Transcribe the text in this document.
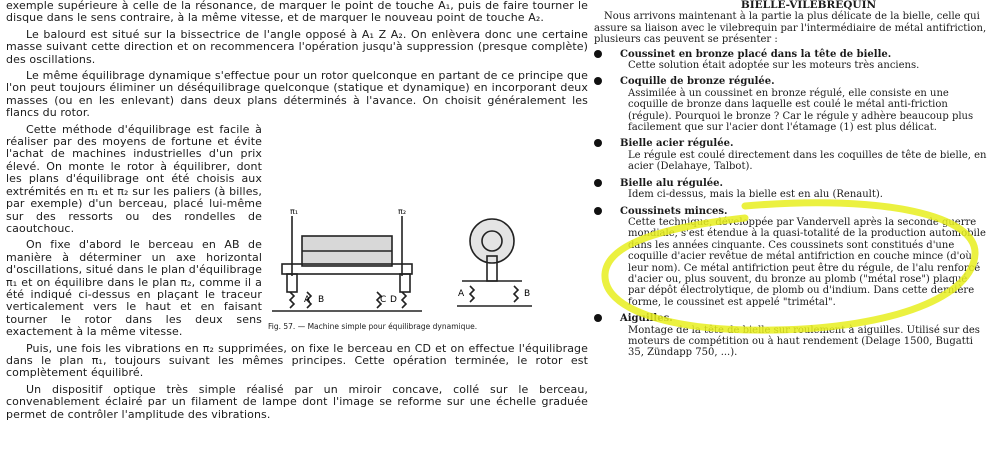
exemple supérieure à celle de la résonance, de marquer le point de touche A₁, puis de faire tourner le disque dans le sens contraire, à la même vitesse, et de marquer le nouveau point de touche A₂.

Le balourd est situé sur la bissectrice de l'angle opposé à A₁ Z A₂. On enlèvera donc une certaine masse suivant cette direction et on recommencera l'opération jusqu'à suppression (presque complète) des oscillations.

Le même équilibrage dynamique s'effectue pour un rotor quelconque en partant de ce principe que l'on peut toujours éliminer un déséquilibrage quelconque (statique et dynamique) en incorporant deux masses (ou en les enlevant) dans deux plans déterminés à l'avance. On choisit généralement les flancs du rotor.

Cette méthode d'équilibrage est facile à réaliser par des moyens de fortune et évite l'achat de machines industrielles d'un prix élevé. On monte le rotor à équilibrer, dont les plans d'équilibrage ont été choisis aux extrémités en π₁ et π₂ sur les paliers (à billes, par exemple) d'un berceau, placé lui-même sur des ressorts ou des rondelles de caoutchouc.

On fixe d'abord le berceau en AB de manière à déterminer un axe horizontal d'oscillations, situé dans le plan d'équilibrage π₁ et on équilibre dans le plan π₂, comme il a été indiqué ci-dessus en plaçant le traceur verticalement vers le haut et en faisant tourner le rotor dans les deux sens exactement à la même vitesse.

Puis, une fois les vibrations en π₂ supprimées, on fixe le berceau en CD et on effectue l'équilibrage dans le plan π₁, toujours suivant les mêmes principes. Cette opération terminée, le rotor est complètement équilibré.

Un dispositif optique très simple réalisé par un miroir concave, collé sur le berceau, convenablement éclairé par un filament de lampe dont l'image se reforme sur une échelle graduée permet de contrôler l'amplitude des vibrations.

π₁	π₂
A B	C D
A	B
Fig. 57. — Machine simple pour équilibrage dynamique.

BIELLE-VILEBREQUIN

Nous arrivons maintenant à la partie la plus délicate de la bielle, celle qui assure sa liaison avec le vilebrequin par l'intermédiaire de métal antifriction, plusieurs cas peuvent se présenter :

Coussinet en bronze placé dans la tête de bielle.
Cette solution était adoptée sur les moteurs très anciens.
Coquille de bronze régulée.
Assimilée à un coussinet en bronze régulé, elle consiste en une coquille de bronze dans laquelle est coulé le métal anti-friction (régule). Pourquoi le bronze ? Car le régule y adhère beaucoup plus facilement que sur l'acier dont l'étamage (1) est plus délicat.
Bielle acier régulée.
Le régule est coulé directement dans les coquilles de tête de bielle, en acier (Delahaye, Talbot).
Bielle alu régulée.
Idem ci-dessus, mais la bielle est en alu (Renault).
Coussinets minces.
Cette technique, développée par Vandervell après la seconde guerre mondiale, s'est étendue à la quasi-totalité de la production automobile dans les années cinquante. Ces coussinets sont constitués d'une coquille d'acier revêtue de métal antifriction en couche mince (d'où leur nom). Ce métal antifriction peut être du régule, de l'alu renforcé d'acier ou, plus souvent, du bronze au plomb ("métal rose") plaqué par dépôt électrolytique, de plomb ou d'indium. Dans cette dernière forme, le coussinet est appelé "trimétal".
Aiguilles.
Montage de la tête de bielle sur roulement à aiguilles. Utilisé sur des moteurs de compétition ou à haut rendement (Delage 1500, Bugatti 35, Zündapp 750, ...).
